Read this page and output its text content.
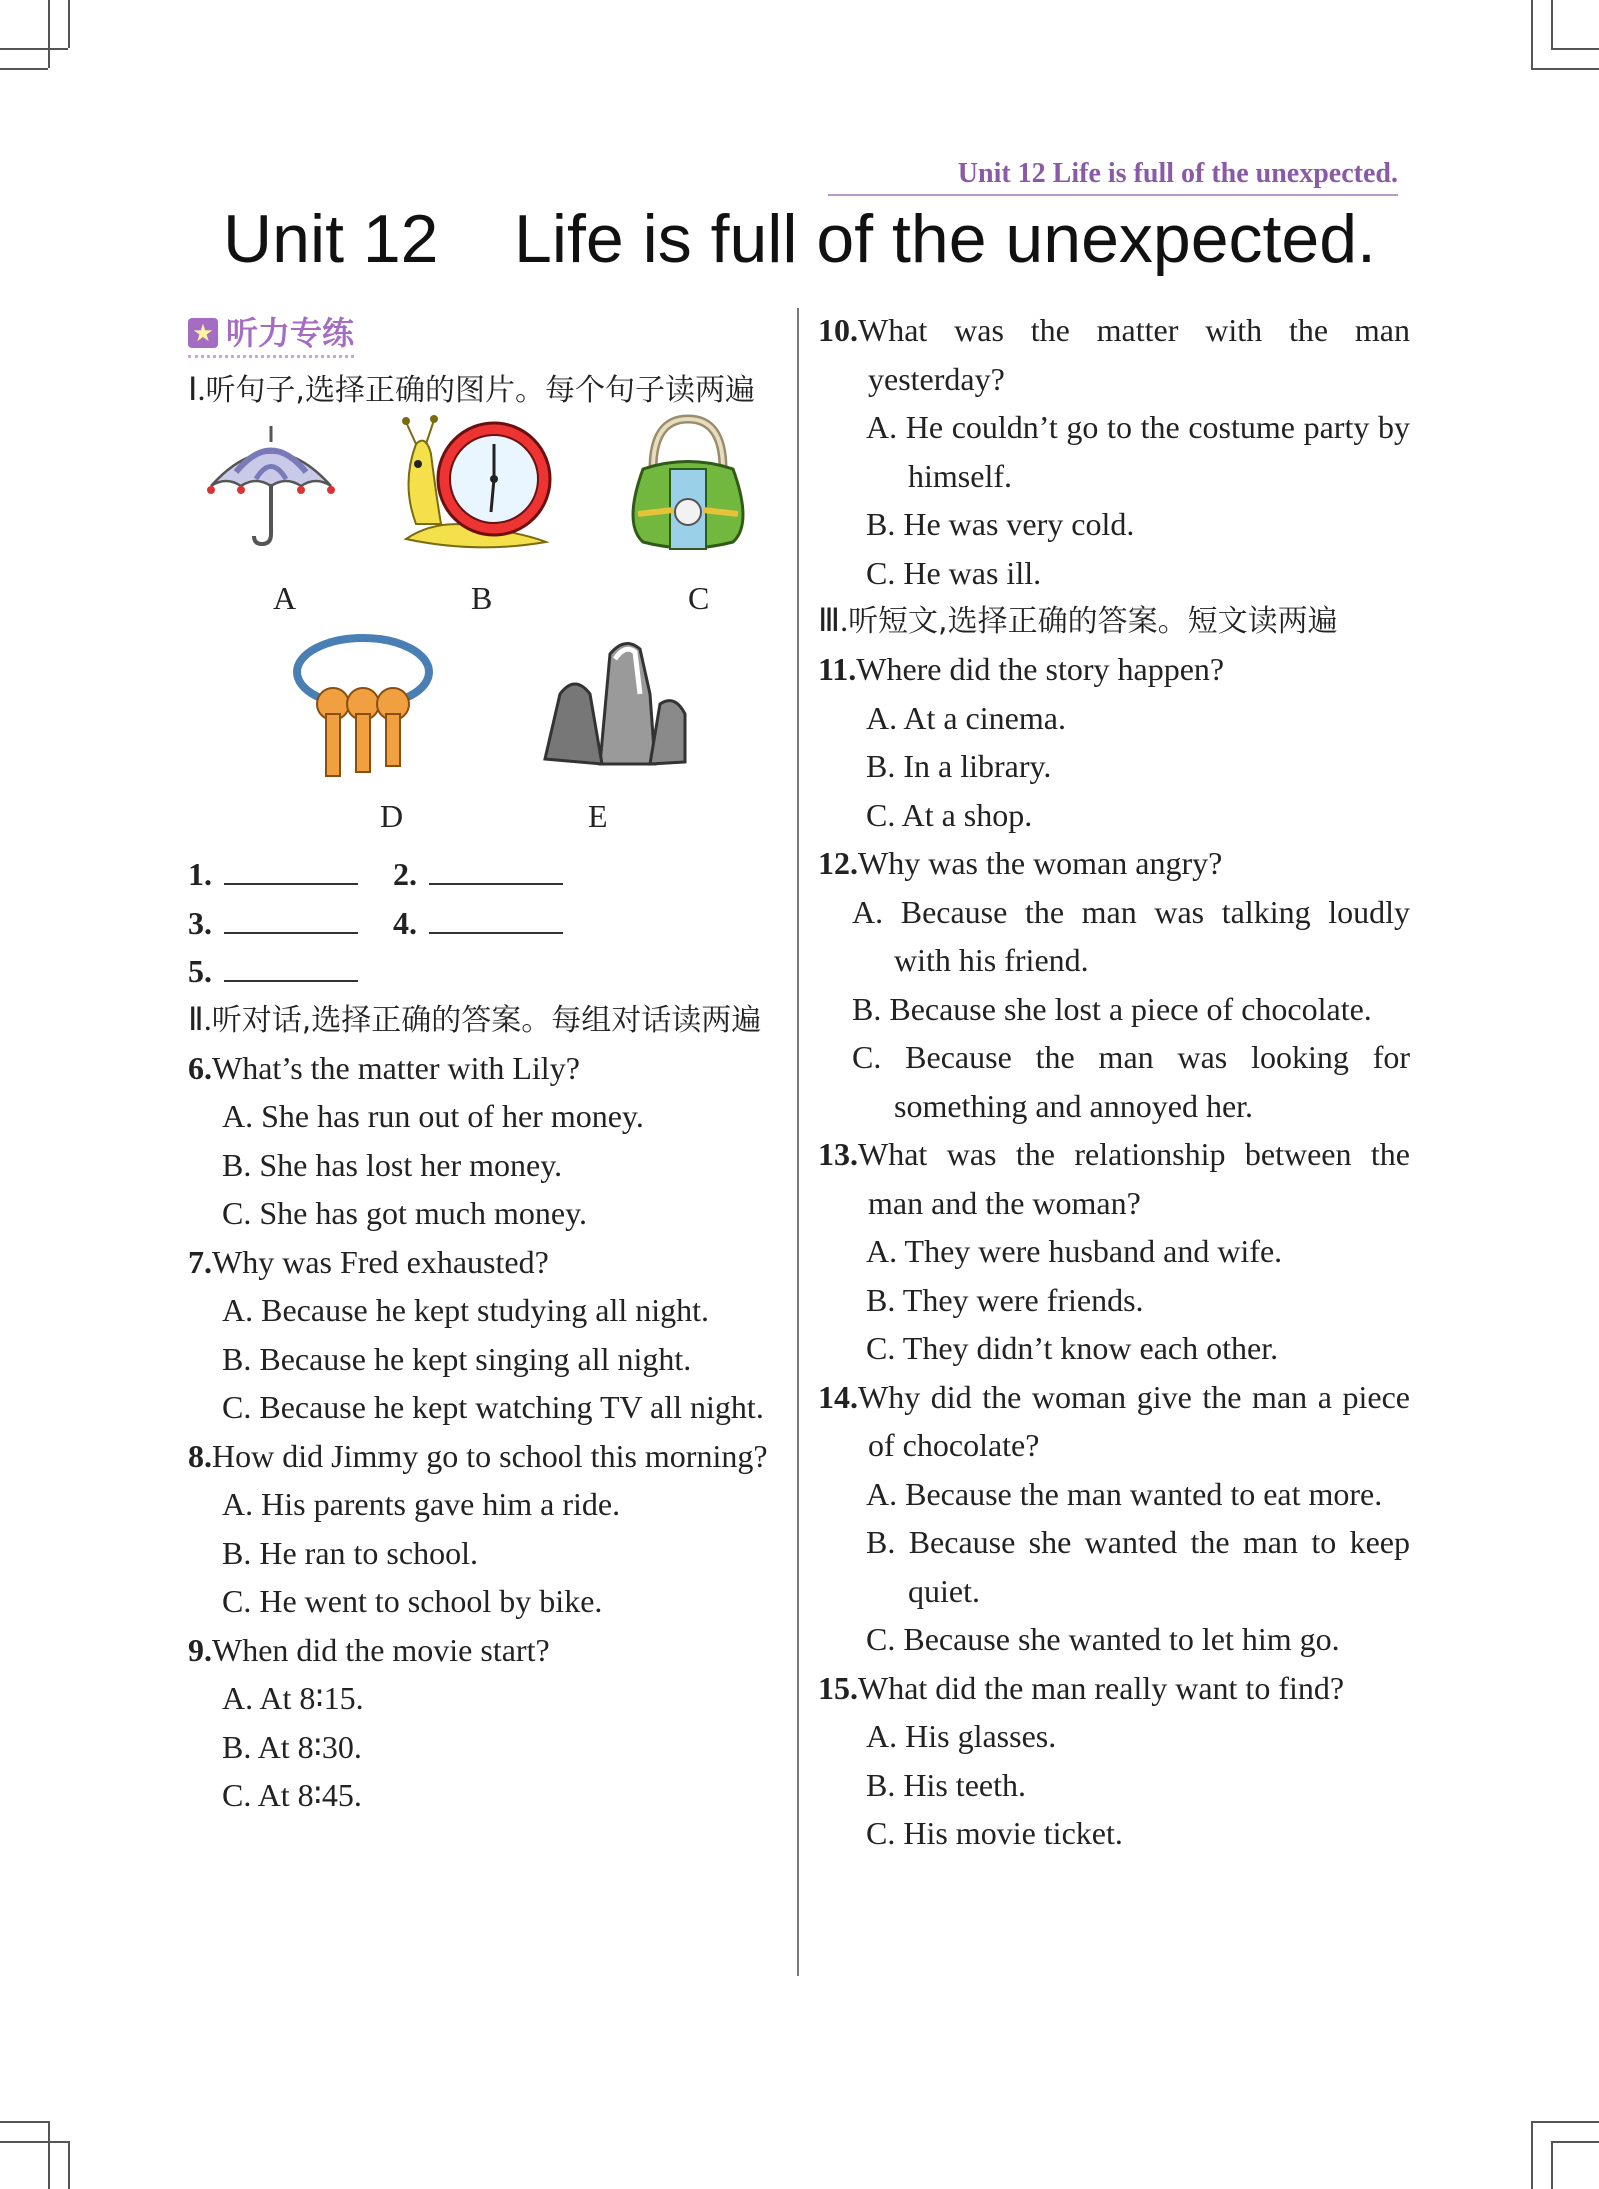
Unit 12 Life is full of the unexpected.
Unit 12    Life is full of the unexpected.
★ 听力专练
Ⅰ.听句子,选择正确的图片。每个句子读两遍
A	B	C
D	E
1.	2.
3.	4.
5.
Ⅱ.听对话,选择正确的答案。每组对话读两遍
6.What’s the matter with Lily?
A. She has run out of her money.
B. She has lost her money.
C. She has got much money.
7.Why was Fred exhausted?
A. Because he kept studying all night.
B. Because he kept singing all night.
C. Because he kept watching TV all night.
8.How did Jimmy go to school this morning?
A. His parents gave him a ride.
B. He ran to school.
C. He went to school by bike.
9.When did the movie start?
A. At 8∶15.
B. At 8∶30.
C. At 8∶45.
10.What was the matter with the man yesterday?
A. He couldn’t go to the costume party by himself.
B. He was very cold.
C. He was ill.
Ⅲ.听短文,选择正确的答案。短文读两遍
11.Where did the story happen?
A. At a cinema.
B. In a library.
C. At a shop.
12.Why was the woman angry?
A. Because the man was talking loudly with his friend.
B. Because she lost a piece of chocolate.
C. Because the man was looking for something and annoyed her.
13.What was the relationship between the man and the woman?
A. They were husband and wife.
B. They were friends.
C. They didn’t know each other.
14.Why did the woman give the man a piece of chocolate?
A. Because the man wanted to eat more.
B. Because she wanted the man to keep quiet.
C. Because she wanted to let him go.
15.What did the man really want to find?
A. His glasses.
B. His teeth.
C. His movie ticket.
